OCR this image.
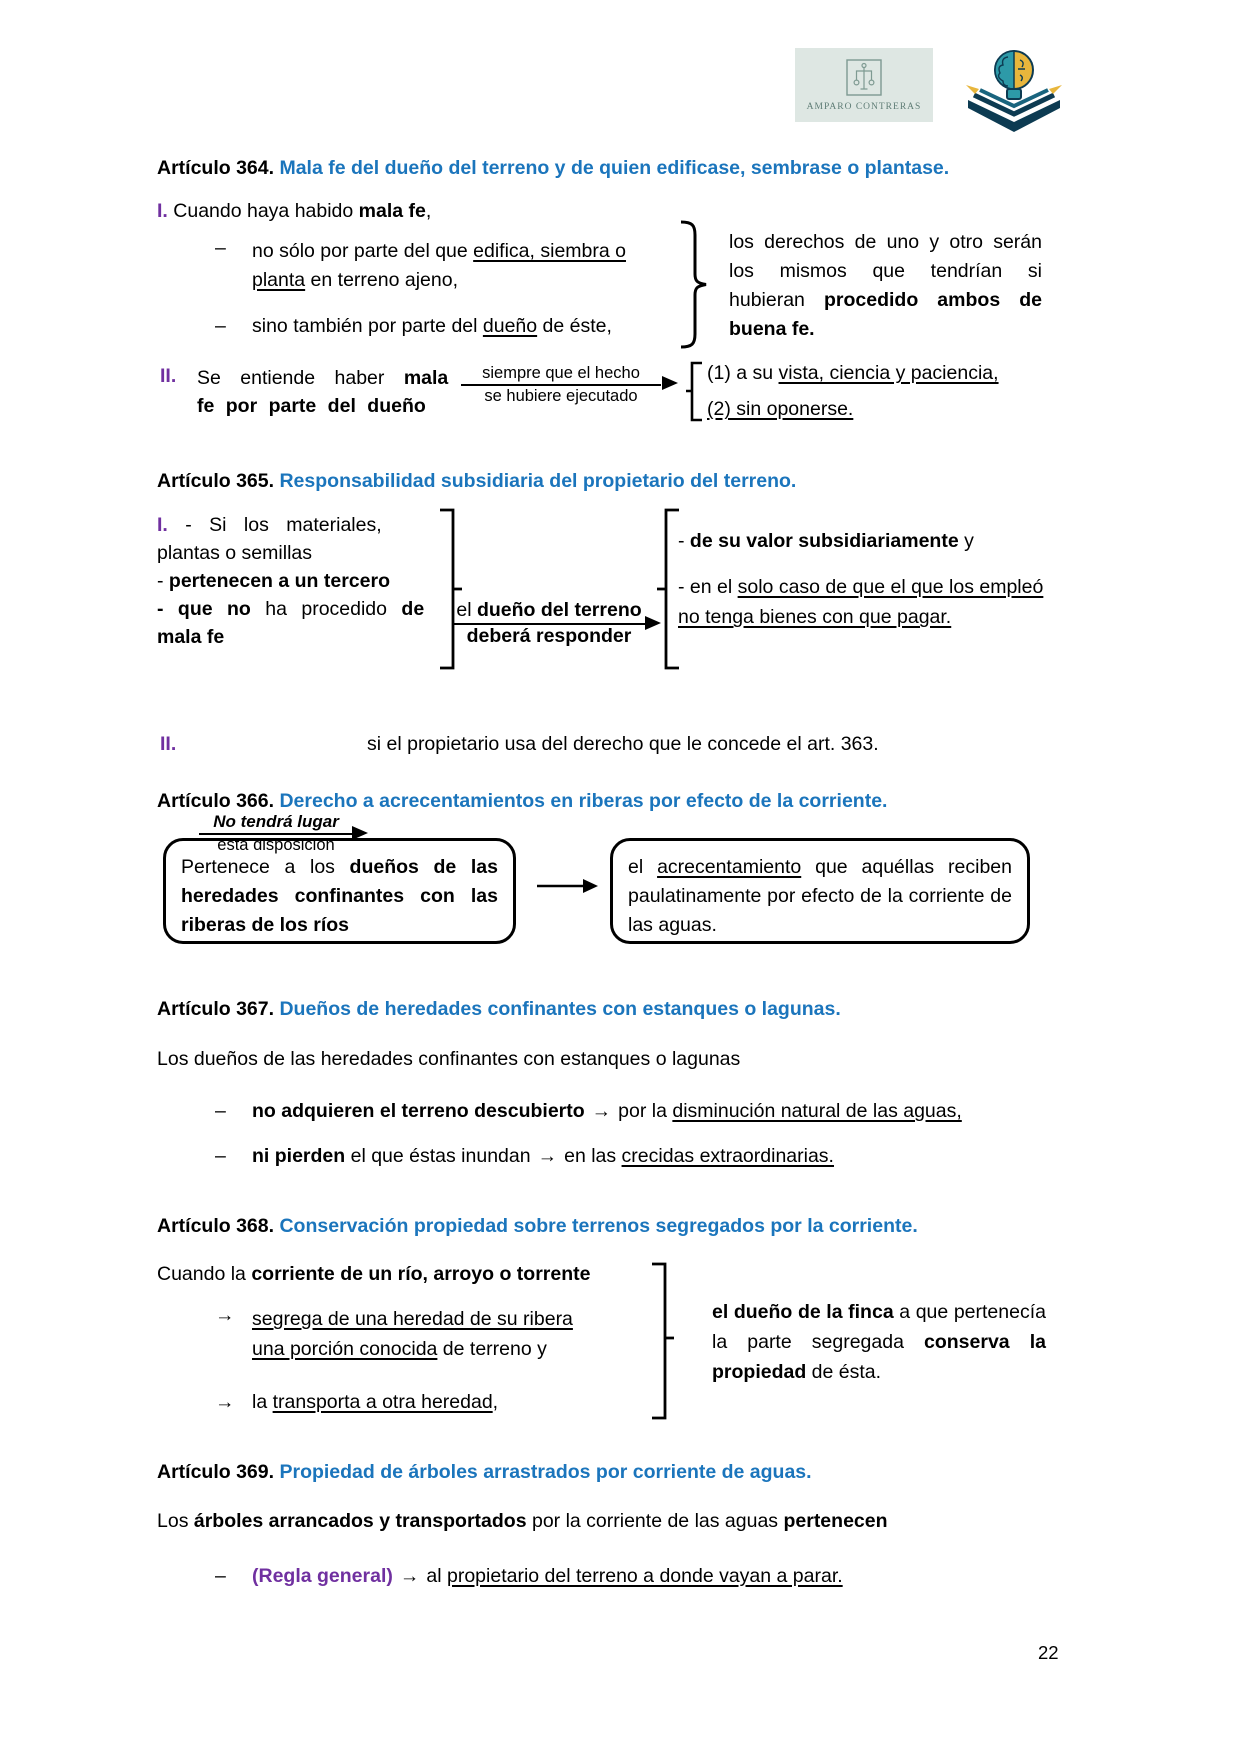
AMPARO CONTRERAS
Artículo 364. Mala fe del dueño del terreno y de quien edificase, sembrase o plantase.
I. Cuando haya habido mala fe,
–	no sólo por parte del que edifica, siembra o
planta en terreno ajeno,
–	sino también por parte del dueño de éste,
los derechos de uno y otro serán los mismos que tendrían si hubieran procedido ambos de buena fe.
II. Se entiende haber mala
fe por parte del dueño
siempre que el hecho
se hubiere ejecutado
(1) a su vista, ciencia y paciencia,
(2) sin oponerse.
Artículo 365. Responsabilidad subsidiaria del propietario del terreno.
I. - Si los materiales,
plantas o semillas
- pertenecen a un tercero
- que no ha procedido de
mala fe
el dueño del terreno
deberá responder
- de su valor subsidiariamente y
- en el solo caso de que el que los empleó
no tenga bienes con que pagar.
II.
No tendrá lugar
esta disposición
si el propietario usa del derecho que le concede el art. 363.
Artículo 366. Derecho a acrecentamientos en riberas por efecto de la corriente.
Pertenece a los dueños de las heredades confinantes con las riberas de los ríos
el acrecentamiento que aquéllas reciben paulatinamente por efecto de la corriente de las aguas.
Artículo 367. Dueños de heredades confinantes con estanques o lagunas.
Los dueños de las heredades confinantes con estanques o lagunas
–	no adquieren el terreno descubierto → por la disminución natural de las aguas,
–	ni pierden el que éstas inundan → en las crecidas extraordinarias.
Artículo 368. Conservación propiedad sobre terrenos segregados por la corriente.
Cuando la corriente de un río, arroyo o torrente
→ segrega de una heredad de su ribera
una porción conocida de terreno y
→ la transporta a otra heredad,
el dueño de la finca a que pertenecía la parte segregada conserva la propiedad de ésta.
Artículo 369. Propiedad de árboles arrastrados por corriente de aguas.
Los árboles arrancados y transportados por la corriente de las aguas pertenecen
–	(Regla general) → al propietario del terreno a donde vayan a parar.
22
